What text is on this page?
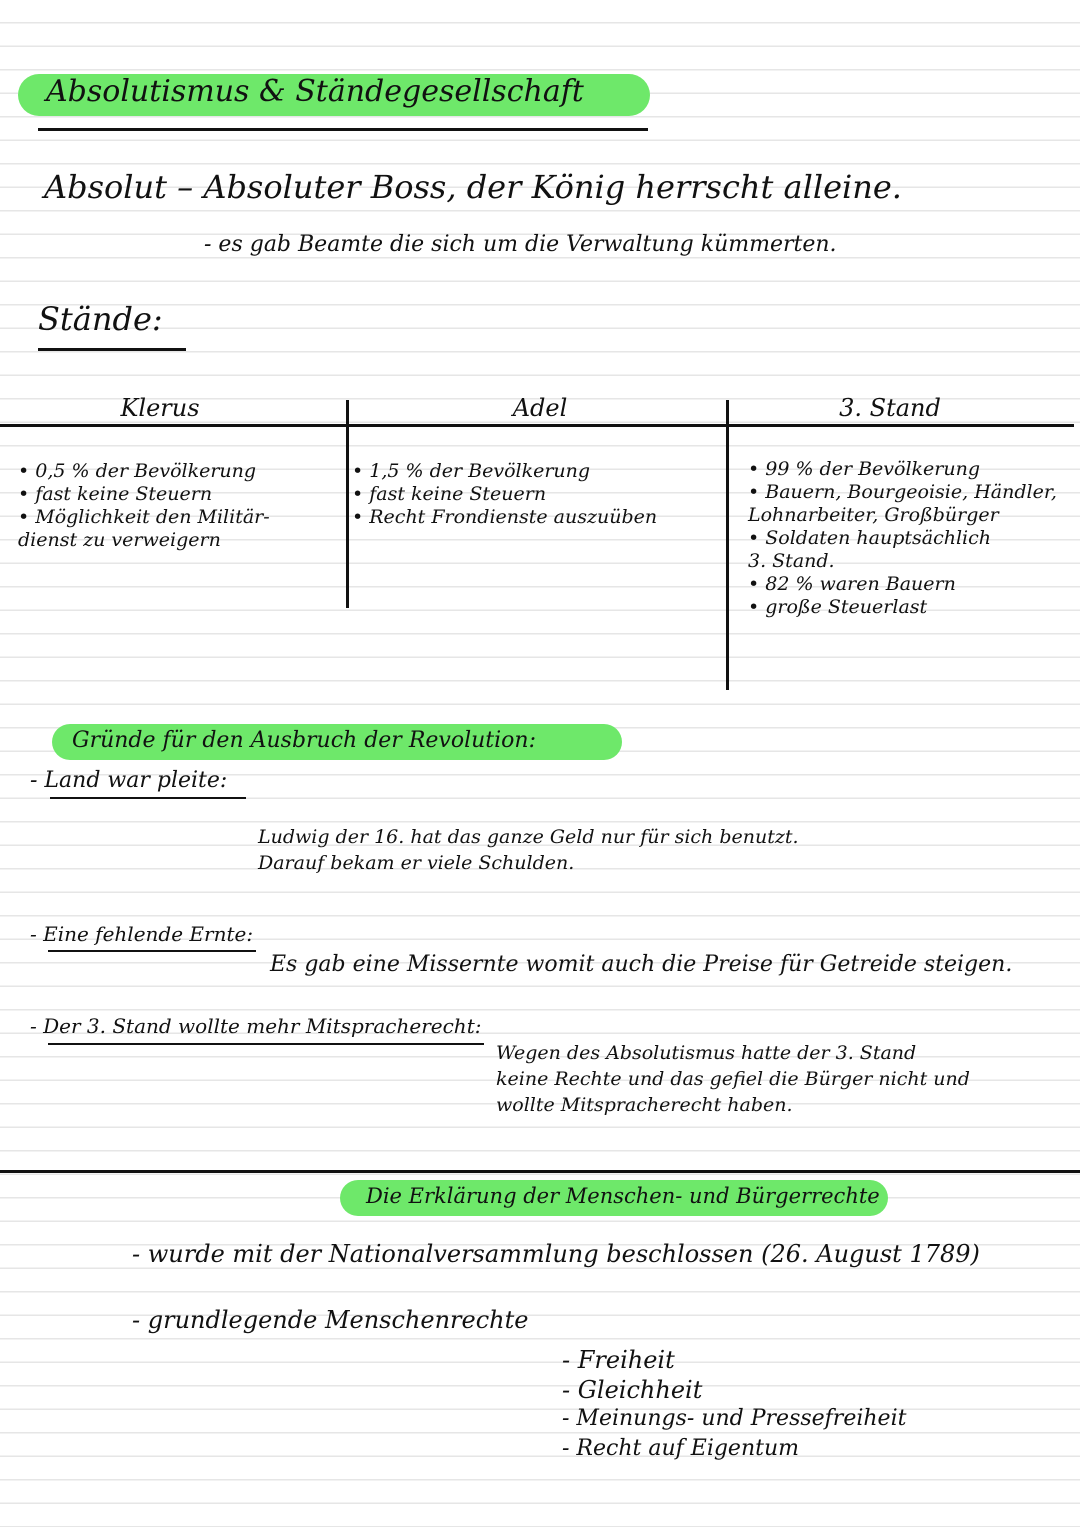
Absolutismus & Ständegesellschaft
Absolut – Absoluter Boss, der König herrscht alleine.
- es gab Beamte die sich um die Verwaltung kümmerten.
Stände:
Klerus	Adel	3. Stand
• 0,5 % der Bevölkerung
• fast keine Steuern
• Möglichkeit den Militär-
dienst zu verweigern
• 1,5 % der Bevölkerung
• fast keine Steuern
• Recht Frondienste auszuüben
• 99 % der Bevölkerung
• Bauern, Bourgeoisie, Händler,
Lohnarbeiter, Großbürger
• Soldaten hauptsächlich
3. Stand.
• 82 % waren Bauern
• große Steuerlast
Gründe für den Ausbruch der Revolution:
- Land war pleite:
Ludwig der 16. hat das ganze Geld nur für sich benutzt.
Darauf bekam er viele Schulden.
- Eine fehlende Ernte:
Es gab eine Missernte womit auch die Preise für Getreide steigen.
- Der 3. Stand wollte mehr Mitspracherecht:
Wegen des Absolutismus hatte der 3. Stand
keine Rechte und das gefiel die Bürger nicht und
wollte Mitspracherecht haben.
Die Erklärung der Menschen- und Bürgerrechte
- wurde mit der Nationalversammlung beschlossen (26. August 1789)
- grundlegende Menschenrechte
- Freiheit
- Gleichheit
- Meinungs- und Pressefreiheit
- Recht auf Eigentum
